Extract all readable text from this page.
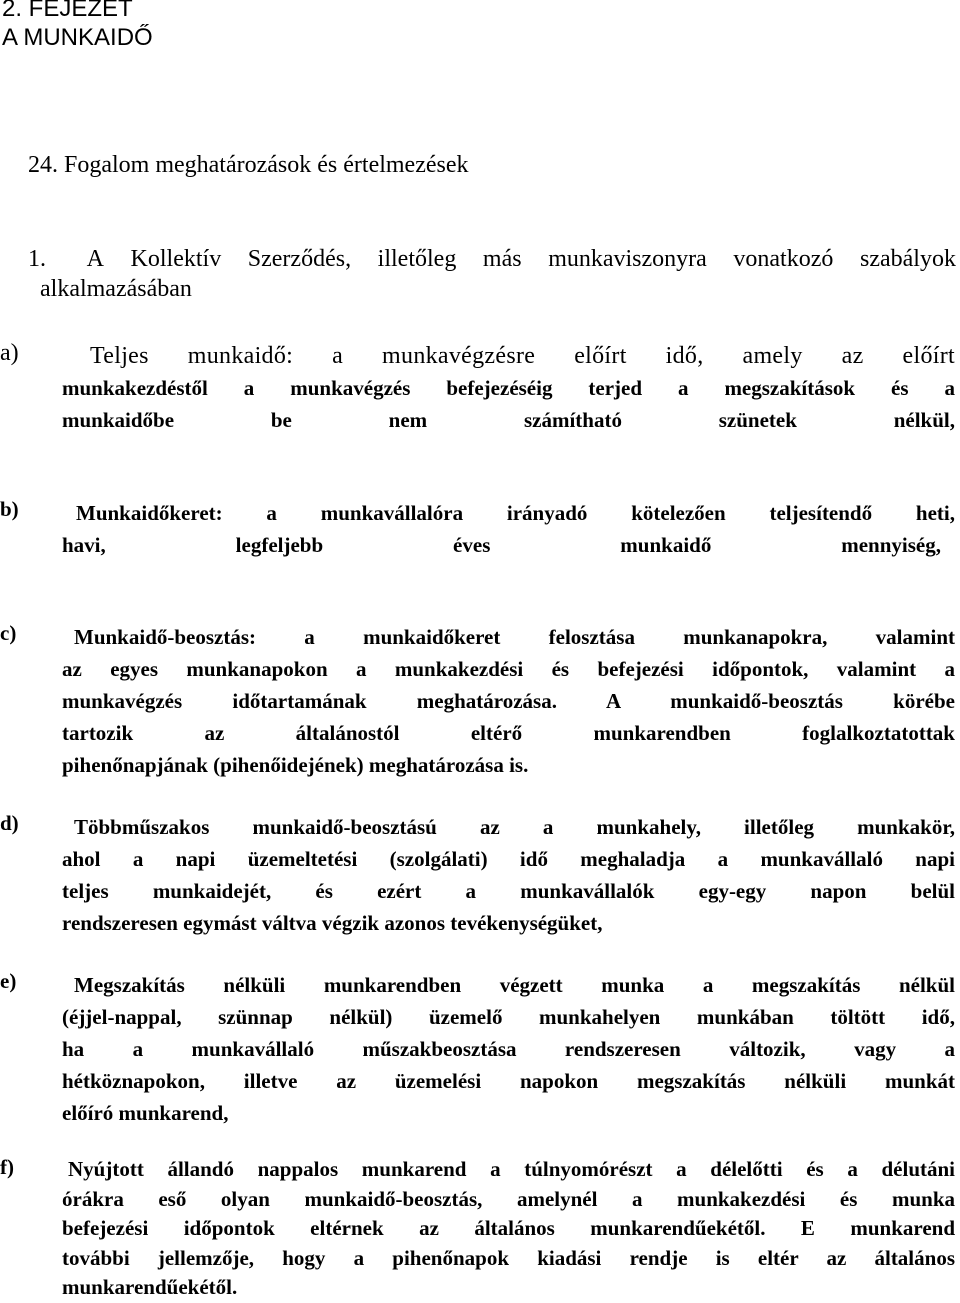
2. FEJEZET
A MUNKAIDŐ
24. Fogalom meghatározások és értelmezések
1. A Kollektív Szerződés, illetőleg más munkaviszonyra vonatkozó szabályok
alkalmazásában
a)	Teljes munkaidő: a munkavégzésre előírt idő, amely az előírt
munkakezdéstől a munkavégzés befejezéséig terjed a megszakítások és a
munkaidőbe be nem számítható szünetek nélkül,
b)	Munkaidőkeret: a munkavállalóra irányadó kötelezően teljesítendő heti,
havi, legfeljebb éves munkaidő mennyiség,
c)	Munkaidő-beosztás: a munkaidőkeret felosztása munkanapokra, valamint
az egyes munkanapokon a munkakezdési és befejezési időpontok, valamint a
munkavégzés időtartamának meghatározása. A munkaidő-beosztás körébe
tartozik az általánostól eltérő munkarendben foglalkoztatottak
pihenőnapjának (pihenőidejének) meghatározása is.
d)	Többműszakos munkaidő-beosztású az a munkahely, illetőleg munkakör,
ahol a napi üzemeltetési (szolgálati) idő meghaladja a munkavállaló napi
teljes munkaidejét, és ezért a munkavállalók egy-egy napon belül
rendszeresen egymást váltva végzik azonos tevékenységüket,
e)	Megszakítás nélküli munkarendben végzett munka a megszakítás nélkül
(éjjel-nappal, szünnap nélkül) üzemelő munkahelyen munkában töltött idő,
ha a munkavállaló műszakbeosztása rendszeresen változik, vagy a
hétköznapokon, illetve az üzemelési napokon megszakítás nélküli munkát
előíró munkarend,
f)	Nyújtott állandó nappalos munkarend a túlnyomórészt a délelőtti és a délutáni
órákra eső olyan munkaidő-beosztás, amelynél a munkakezdési és munka
befejezési időpontok eltérnek az általános munkarendűekétől. E munkarend
további jellemzője, hogy a pihenőnapok kiadási rendje is eltér az általános
munkarendűekétől.
